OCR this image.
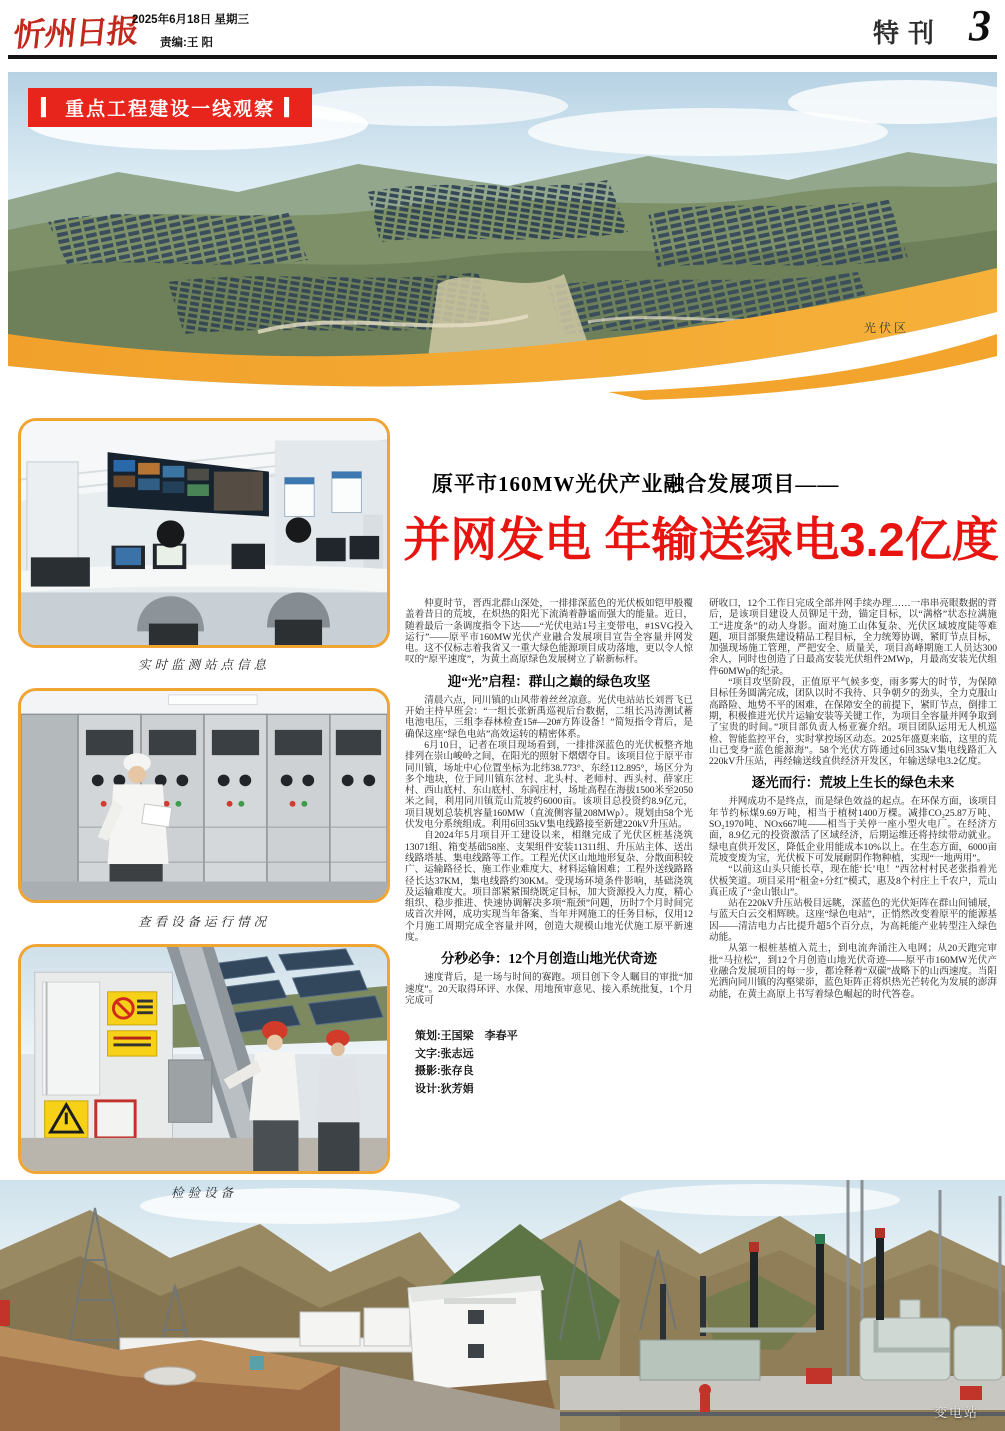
忻州日报
2025年6月18日 星期三
责编:王 阳	特刊 3
▍ 重点工程建设一线观察 ▍
光伏区
实时监测站点信息
查看设备运行情况
检验设备
原平市160MW光伏产业融合发展项目——
并网发电 年输送绿电3.2亿度
仲夏时节，晋西北群山深处，一排排深蓝色的光伏板如铠甲般覆盖着昔日的荒坡，在炽热的阳光下流淌着静谧而强大的能量。近日，随着最后一条调度指令下达——“光伏电站1号主变带电，#1SVG投入运行”——原平市160MW光伏产业融合发展项目宣告全容量并网发电。这不仅标志着我省又一重大绿色能源项目成功落地，更以令人惊叹的“原平速度”，为黄土高原绿色发展树立了崭新标杆。
迎“光”启程：群山之巅的绿色攻坚
清晨六点，同川镇的山风带着丝丝凉意。光伏电站站长刘晋飞已开始主持早班会：“一组长张新禹巡视后台数据，二组长冯涛测试蓄电池电压，三组李春林检查15#—20#方阵设备！”简短指令背后，是确保这座“绿色电站”高效运转的精密体系。
6月10日，记者在项目现场看到，一排排深蓝色的光伏板整齐地排列在崇山峻岭之间，在阳光的照射下熠熠夺目。该项目位于原平市同川镇，场址中心位置坐标为北纬38.773°、东经112.895°，场区分为多个地块，位于同川镇东岔村、北头村、老师村、西头村、薛家庄村、西山底村、东山底村、东阎庄村，场址高程在海拔1500米至2050米之间，利用同川镇荒山荒坡约6000亩。该项目总投资约8.9亿元，项目规划总装机容量160MW（直流侧容量208MWp）。规划由58个光伏发电分系统组成。利用6回35kV集电线路接至新建220kV升压站。
自2024年5月项目开工建设以来，相继完成了光伏区桩基浇筑13071组、箱变基础58座、支架组件安装11311组、升压站主体、送出线路塔基、集电线路等工作。工程光伏区山地地形复杂、分散面积较广、运输路径长、施工作业难度大、材料运输困难；工程外送线路路径长达37KM，集电线路约30KM。受现场环境条件影响，基础浇筑及运输难度大。项目部紧紧围绕既定目标，加大资源投入力度，精心组织、稳步推进、快速协调解决多项“瓶颈”问题，历时7个月时间完成首次并网，成功实现当年备案、当年并网施工的任务目标，仅用12个月施工周期完成全容量并网，创造大规模山地光伏施工原平新速度。
分秒必争：12个月创造山地光伏奇迹
速度背后，是一场与时间的赛跑。项目创下令人瞩目的审批“加速度”。20天取得环评、水保、用地预审意见、接入系统批复，1个月完成可
策划:王国梁　李春平
文字:张志远
摄影:张存良
设计:狄芳娟
研收口，12个工作日完成全部并网手续办理……一串串亮眼数据的背后，是该项目建设人员铆足干劲，锚定目标，以“满格”状态拉满施工“进度条”的动人身影。面对施工山体复杂、光伏区域坡度陡等难题，项目部聚焦建设精品工程目标，全力统筹协调，紧盯节点目标，加强现场施工管理，严把安全、质量关，项目高峰期施工人员达300余人，同时也创造了日最高安装光伏组件2MWp，月最高安装光伏组件60MWp的纪录。
“项目攻坚阶段，正值原平气候多变，雨多雾大的时节，为保障目标任务圆满完成，团队以时不我待、只争朝夕的劲头，全力克服山高路险、地势不平的困难，在保障安全的前提下，紧盯节点，倒排工期，积极推进光伏片运输安装等关键工作，为项目全容量并网争取到了宝贵的时间。”项目部负责人杨亚赛介绍。项目团队运用无人机巡检、智能监控平台，实时掌控场区动态。2025年盛夏来临，这里的荒山已变身“蓝色能源海”。58个光伏方阵通过6回35kV集电线路汇入220kV升压站，再经输送线直供经济开发区，年输送绿电3.2亿度。
逐光而行：荒坡上生长的绿色未来
并网成功不是终点，而是绿色效益的起点。在环保方面，该项目年节约标煤9.69万吨，相当于植树1400万棵。减排CO₂25.87万吨、SO₂1970吨、NOx667吨——相当于关停一座小型火电厂。在经济方面，8.9亿元的投资激活了区域经济，后期运维还将持续带动就业。绿电直供开发区，降低企业用能成本10%以上。在生态方面，6000亩荒坡变废为宝，光伏板下可发展耐阴作物种植，实现“一地两用”。
“以前这山头只能长草，现在能‘长’电！”西岔村村民老张指着光伏板笑道。项目采用“租金+分红”模式，惠及8个村庄上千农户，荒山真正成了“金山银山”。
站在220kV升压站极目远眺，深蓝色的光伏矩阵在群山间铺展，与蓝天白云交相辉映。这座“绿色电站”，正悄然改变着原平的能源基因——清洁电力占比提升超5个百分点，为高耗能产业转型注入绿色动能。
从第一根桩基植入荒土，到电流奔涌注入电网；从20天跑完审批“马拉松”，到12个月创造山地光伏奇迹——原平市160MW光伏产业融合发展项目的每一步，都诠释着“双碳”战略下的山西速度。当阳光洒向同川镇的沟壑梁峁，蓝色矩阵正将炽热光芒转化为发展的澎湃动能，在黄土高原上书写着绿色崛起的时代答卷。
变电站
